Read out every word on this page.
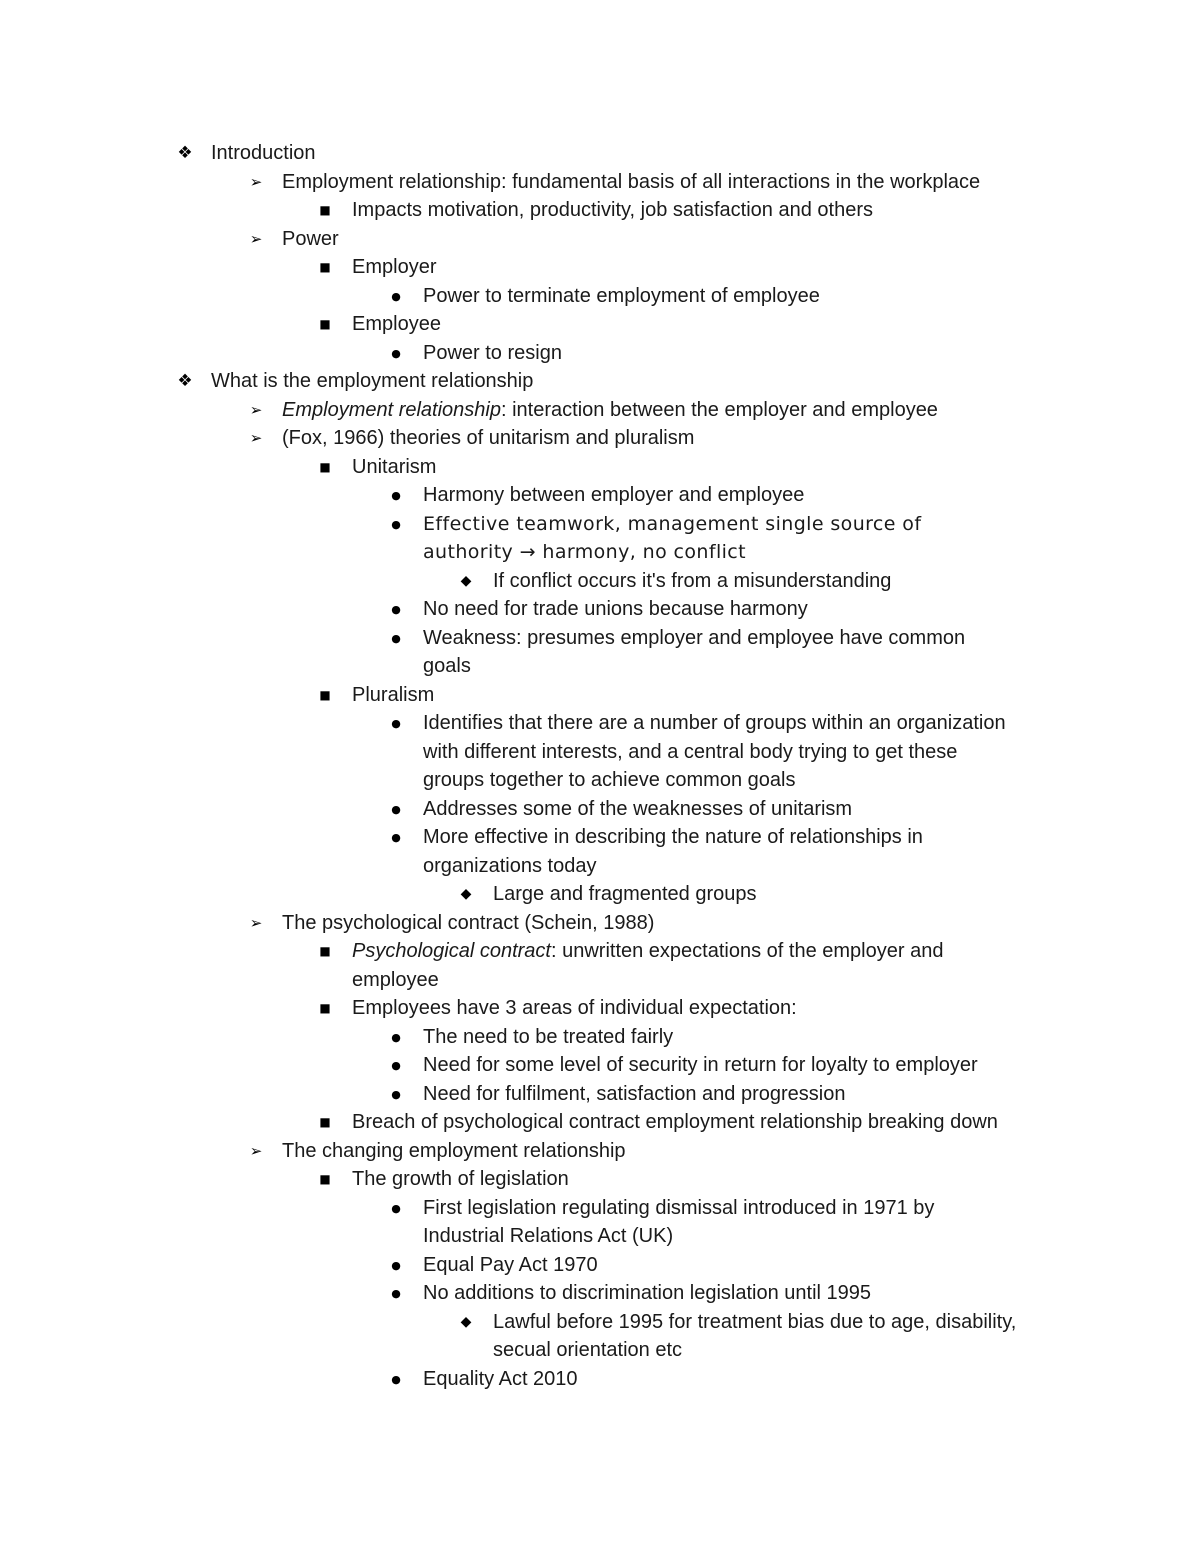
❖ Introduction
➢ Employment relationship: fundamental basis of all interactions in the workplace
■	Impacts motivation, productivity, job satisfaction and others
➢ Power
■	Employer
●	Power to terminate employment of employee
■	Employee
●	Power to resign
❖ What is the employment relationship
➢ Employment relationship: interaction between the employer and employee
➢ (Fox, 1966) theories of unitarism and pluralism
■	Unitarism
●	Harmony between employer and employee
●	Effective teamwork, management single source of
authority → harmony, no conflict
◆	If conflict occurs it's from a misunderstanding
●	No need for trade unions because harmony
●	Weakness: presumes employer and employee have common
goals
■	Pluralism
●	Identifies that there are a number of groups within an organization
with different interests, and a central body trying to get these
groups together to achieve common goals
●	Addresses some of the weaknesses of unitarism
●	More effective in describing the nature of relationships in
organizations today
◆	Large and fragmented groups
➢ The psychological contract (Schein, 1988)
■	Psychological contract: unwritten expectations of the employer and
employee
■	Employees have 3 areas of individual expectation:
●	The need to be treated fairly
●	Need for some level of security in return for loyalty to employer
●	Need for fulfilment, satisfaction and progression
■	Breach of psychological contract employment relationship breaking down
➢ The changing employment relationship
■	The growth of legislation
●	First legislation regulating dismissal introduced in 1971 by
Industrial Relations Act (UK)
●	Equal Pay Act 1970
●	No additions to discrimination legislation until 1995
◆	Lawful before 1995 for treatment bias due to age, disability,
secual orientation etc
●	Equality Act 2010
